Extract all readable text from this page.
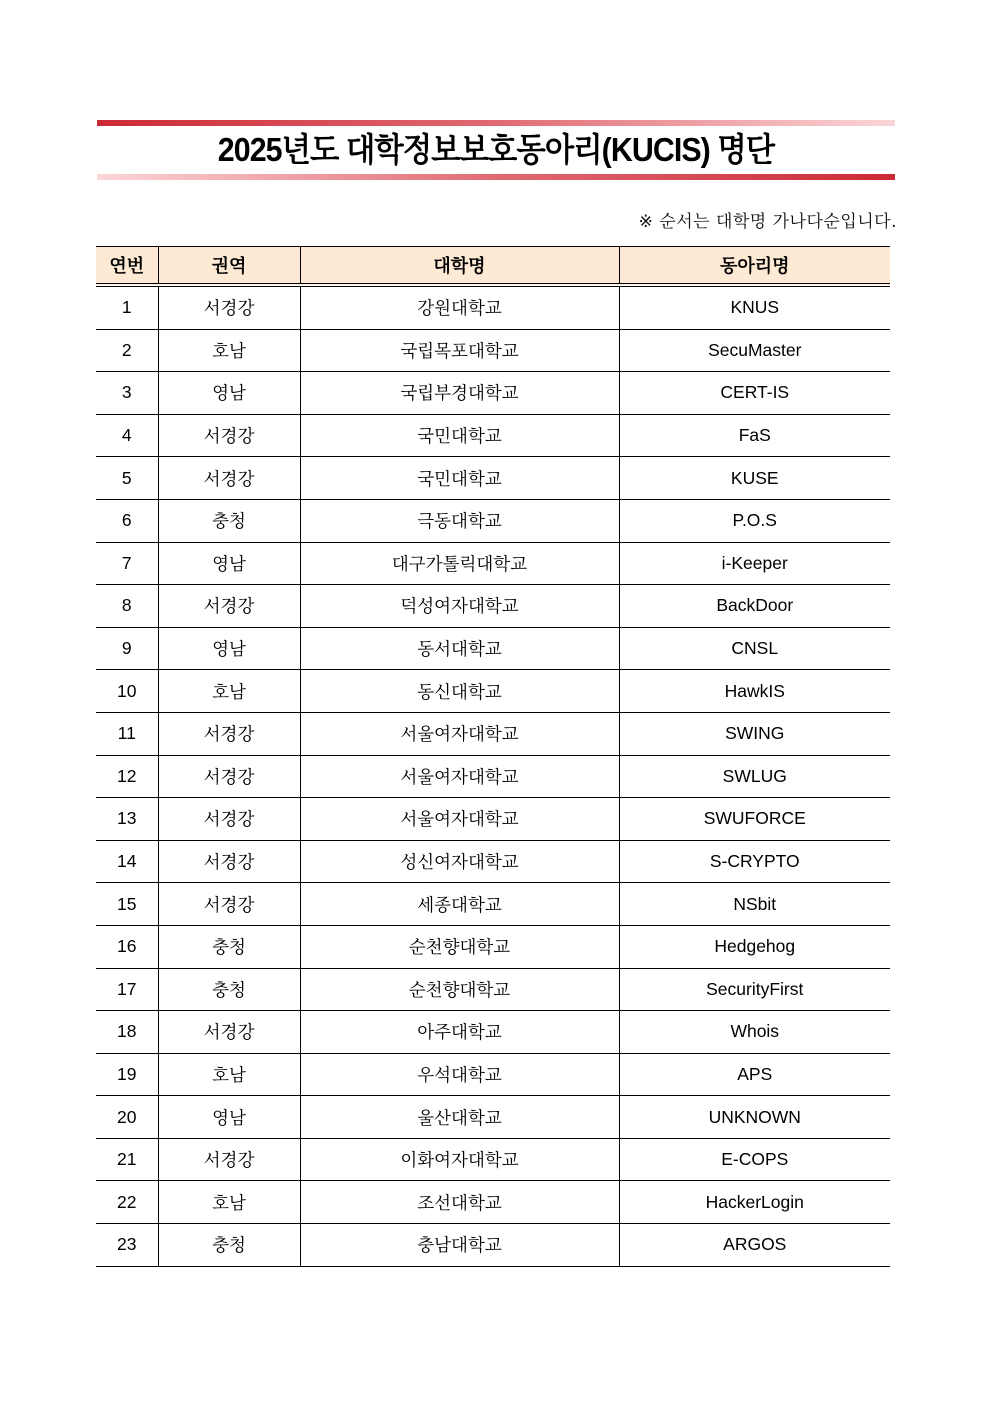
2025년도 대학정보보호동아리(KUCIS) 명단
※ 순서는 대학명 가나다순입니다.
연번	권역	대학명	동아리명
1	서경강	강원대학교	KNUS
2	호남	국립목포대학교	SecuMaster
3	영남	국립부경대학교	CERT-IS
4	서경강	국민대학교	FaS
5	서경강	국민대학교	KUSE
6	충청	극동대학교	P.O.S
7	영남	대구가톨릭대학교	i-Keeper
8	서경강	덕성여자대학교	BackDoor
9	영남	동서대학교	CNSL
10	호남	동신대학교	HawkIS
11	서경강	서울여자대학교	SWING
12	서경강	서울여자대학교	SWLUG
13	서경강	서울여자대학교	SWUFORCE
14	서경강	성신여자대학교	S-CRYPTO
15	서경강	세종대학교	NSbit
16	충청	순천향대학교	Hedgehog
17	충청	순천향대학교	SecurityFirst
18	서경강	아주대학교	Whois
19	호남	우석대학교	APS
20	영남	울산대학교	UNKNOWN
21	서경강	이화여자대학교	E-COPS
22	호남	조선대학교	HackerLogin
23	충청	충남대학교	ARGOS
